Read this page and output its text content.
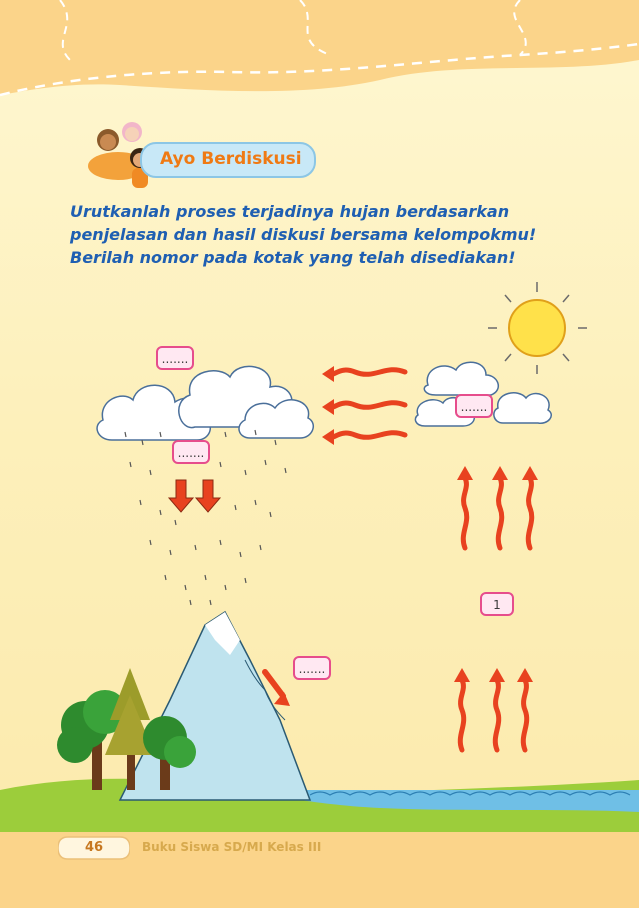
Ayo Berdiskusi

Urutkanlah proses terjadinya hujan berdasarkan penjelasan dan hasil diskusi bersama kelompokmu! Berilah nomor pada kotak yang telah disediakan!

.......
.......
.......
1
.......
46	Buku Siswa SD/MI Kelas III
